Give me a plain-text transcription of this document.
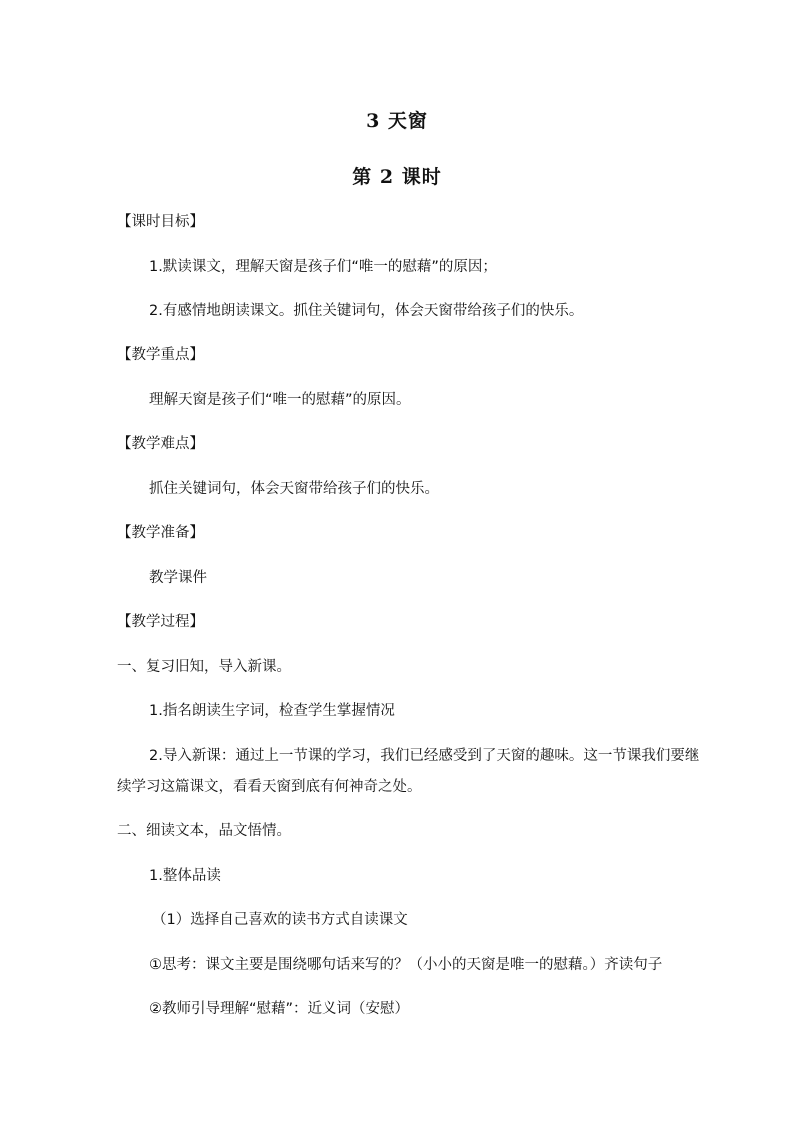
3 天窗
第 2 课时
【课时目标】
1.默读课文，理解天窗是孩子们“唯一的慰藉”的原因；
2.有感情地朗读课文。抓住关键词句，体会天窗带给孩子们的快乐。
【教学重点】
理解天窗是孩子们“唯一的慰藉”的原因。
【教学难点】
抓住关键词句，体会天窗带给孩子们的快乐。
【教学准备】
教学课件
【教学过程】
一、复习旧知，导入新课。
1.指名朗读生字词，检查学生掌握情况
2.导入新课：通过上一节课的学习，我们已经感受到了天窗的趣味。这一节课我们要继
续学习这篇课文，看看天窗到底有何神奇之处。
二、细读文本，品文悟情。
1.整体品读
（1）选择自己喜欢的读书方式自读课文
①思考：课文主要是围绕哪句话来写的？（小小的天窗是唯一的慰藉。）齐读句子
②教师引导理解“慰藉”：近义词（安慰）
